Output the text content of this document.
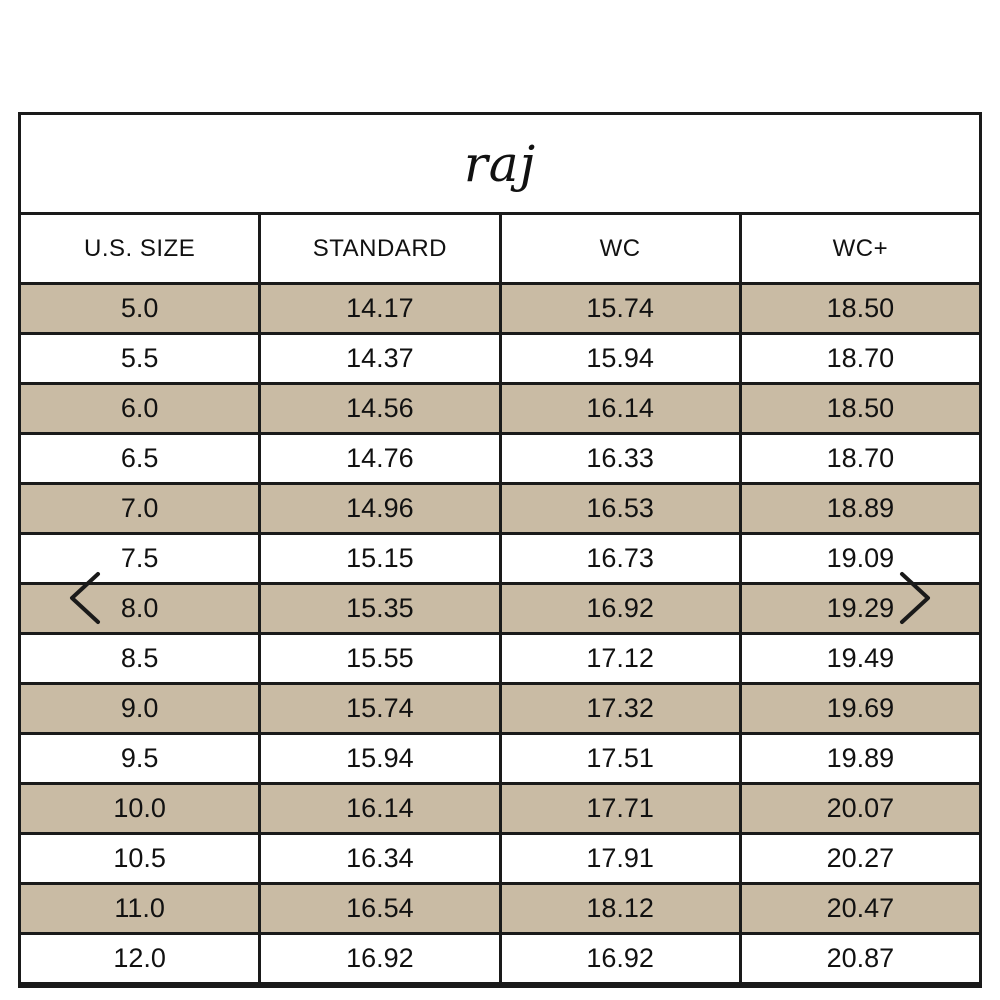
raj
U.S. SIZE	STANDARD	WC	WC+
5.0	14.17	15.74	18.50
5.5	14.37	15.94	18.70
6.0	14.56	16.14	18.50
6.5	14.76	16.33	18.70
7.0	14.96	16.53	18.89
7.5	15.15	16.73	19.09
8.0	15.35	16.92	19.29
8.5	15.55	17.12	19.49
9.0	15.74	17.32	19.69
9.5	15.94	17.51	19.89
10.0	16.14	17.71	20.07
10.5	16.34	17.91	20.27
11.0	16.54	18.12	20.47
12.0	16.92	16.92	20.87
